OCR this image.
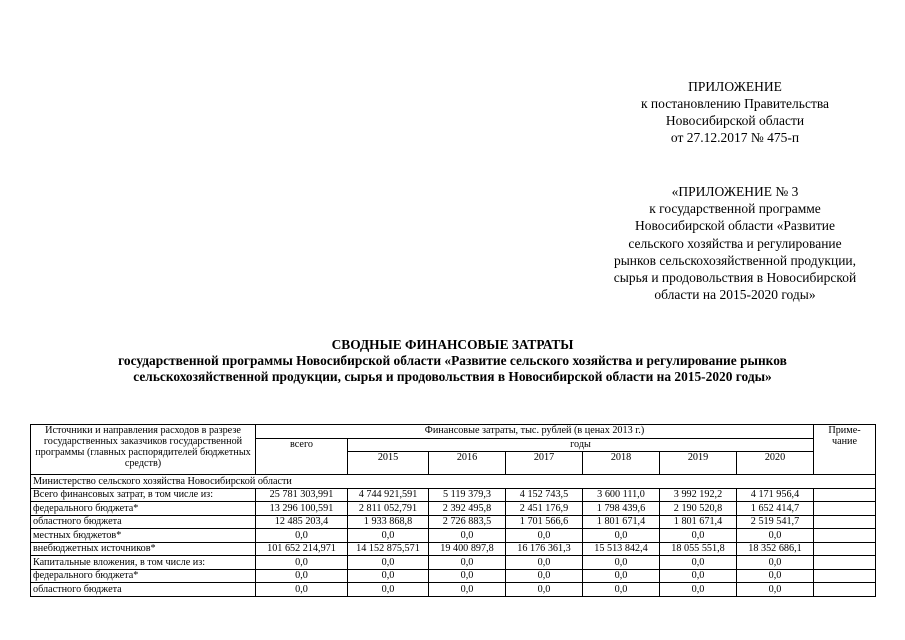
ПРИЛОЖЕНИЕ
к постановлению Правительства
Новосибирской области
от 27.12.2017 № 475-п
«ПРИЛОЖЕНИЕ № 3
к государственной программе
Новосибирской области «Развитие
сельского хозяйства и регулирование
рынков сельскохозяйственной продукции,
сырья и продовольствия в Новосибирской
области на 2015-2020 годы»
СВОДНЫЕ ФИНАНСОВЫЕ ЗАТРАТЫ
государственной программы Новосибирской области «Развитие сельского хозяйства и регулирование рынков
сельскохозяйственной продукции, сырья и продовольствия в Новосибирской области на 2015-2020 годы»
Источники и направления расходов в разрезе государственных заказчиков государственной программы (главных распорядителей бюджетных средств)	Финансовые затраты, тыс. рублей (в ценах 2013 г.)							Приме-чание
	всего	годы						
		2015	2016	2017	2018	2019	2020	
Министерство сельского хозяйства Новосибирской области								
Всего финансовых затрат, в том числе из:	25 781 303,991	4 744 921,591	5 119 379,3	4 152 743,5	3 600 111,0	3 992 192,2	4 171 956,4	
федерального бюджета*	13 296 100,591	2 811 052,791	2 392 495,8	2 451 176,9	1 798 439,6	2 190 520,8	1 652 414,7	
областного бюджета	12 485 203,4	1 933 868,8	2 726 883,5	1 701 566,6	1 801 671,4	1 801 671,4	2 519 541,7	
местных бюджетов*	0,0	0,0	0,0	0,0	0,0	0,0	0,0	
внебюджетных источников*	101 652 214,971	14 152 875,571	19 400 897,8	16 176 361,3	15 513 842,4	18 055 551,8	18 352 686,1	
Капитальные вложения, в том числе из:	0,0	0,0	0,0	0,0	0,0	0,0	0,0	
федерального бюджета*	0,0	0,0	0,0	0,0	0,0	0,0	0,0	
областного бюджета	0,0	0,0	0,0	0,0	0,0	0,0	0,0	
